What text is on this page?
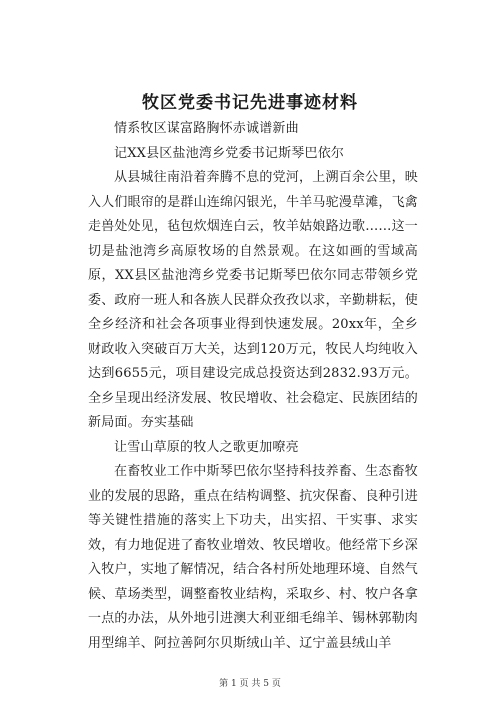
牧区党委书记先进事迹材料

情系牧区谋富路胸怀赤诚谱新曲

记XX县区盐池湾乡党委书记斯琴巴依尔

从县城往南沿着奔腾不息的党河，上溯百余公里，映入人们眼帘的是群山连绵闪银光，牛羊马驼漫草滩，飞禽走兽处处见，毡包炊烟连白云，牧羊姑娘路边歌……这一切是盐池湾乡高原牧场的自然景观。在这如画的雪域高原，XX县区盐池湾乡党委书记斯琴巴依尔同志带领乡党委、政府一班人和各族人民群众孜孜以求，辛勤耕耘，使全乡经济和社会各项事业得到快速发展。20xx年，全乡财政收入突破百万大关，达到120万元，牧民人均纯收入达到6655元，项目建设完成总投资达到2832.93万元。全乡呈现出经济发展、牧民增收、社会稳定、民族团结的新局面。夯实基础

让雪山草原的牧人之歌更加嘹亮

在畜牧业工作中斯琴巴依尔坚持科技养畜、生态畜牧业的发展的思路，重点在结构调整、抗灾保畜、良种引进等关键性措施的落实上下功夫，出实招、干实事、求实效，有力地促进了畜牧业增效、牧民增收。他经常下乡深入牧户，实地了解情况，结合各村所处地理环境、自然气候、草场类型，调整畜牧业结构，采取乡、村、牧户各拿一点的办法，从外地引进澳大利亚细毛绵羊、锡林郭勒肉用型绵羊、阿拉善阿尔贝斯绒山羊、辽宁盖县绒山羊

第 1 页 共 5 页
